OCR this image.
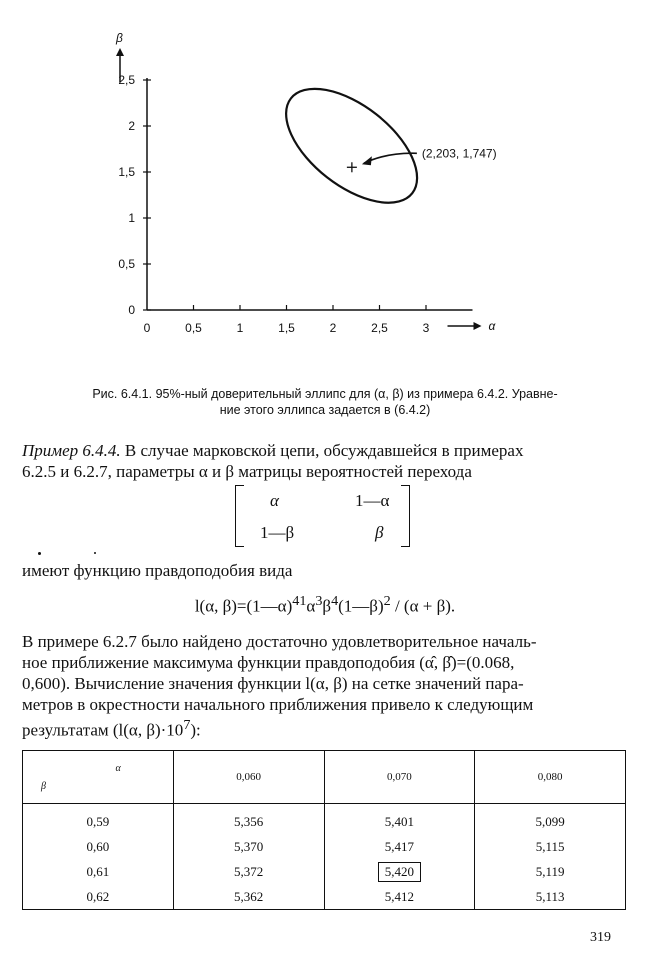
β
α
0	0,5	1	1,5	2	2,5	3
0
0,5
1
1,5
2
2,5
(2,203, 1,747)
Рис. 6.4.1. 95%-ный доверительный эллипс для (α, β) из примера 6.4.2. Уравне-
ние этого эллипса задается в (6.4.2)
Пример 6.4.4. В случае марковской цепи, обсуждавшейся в примерах
6.2.5 и 6.2.7, параметры α и β матрицы вероятностей перехода
α	1—α
1—β	β
имеют функцию правдоподобия вида
l(α, $\beta)=(1—\alpha)^{41}\alpha^3\beta^4(1—\beta)^2 / (\alpha + \beta)$.
В примере 6.2.7 было найдено достаточно удовлетворительное началь-
ное приближение максимума функции правдоподобия (α̂, β̂)=(0.068,
0,600). Вычисление значения функции l(α, β) на сетке значений пара-
метров в окрестности начального приближения привело к следующим
результатам (l(α, $\beta)\cdot 10^7$):
α
β	0,060	0,070	0,080
0,59	5,356	5,401	5,099
0,60	5,370	5,417	5,115
0,61	5,372	5,420	5,119
0,62	5,362	5,412	5,113
319
